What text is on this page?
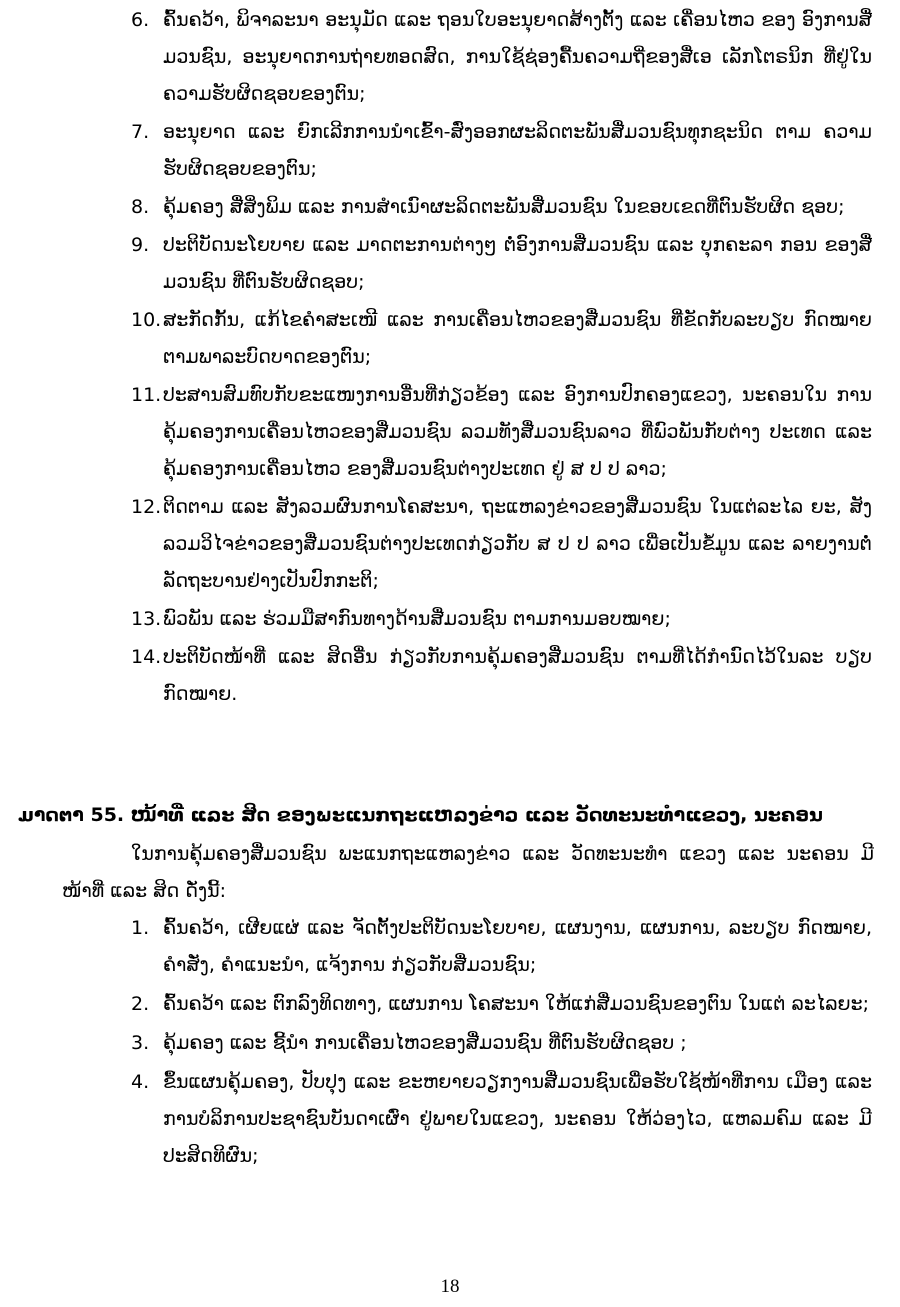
6. ຄົ້ນຄວ້າ, ພິຈາລະນາ ອະນຸມັດ ແລະ ຖອນໃບອະນຸຍາດສ້າງຕັ້ງ ແລະ ເຄື່ອນໄຫວ ຂອງ ອົງການສື່ມວນຊົນ, ອະນຸຍາດການຖ່າຍທອດສົດ, ການໃຊ້ຊ່ອງຄື້ນຄວາມຖີ່ຂອງສື່ເອ ເລັກໂຕຣນິກ ທີ່ຢູ່ໃນຄວາມຮັບຜິດຊອບຂອງຕົນ;
7. ອະນຸຍາດ ແລະ ຍົກເລີກການນຳເຂົ້າ-ສົ່ງອອກຜະລິດຕະພັນສື່ມວນຊົນທຸກຊະນິດ ຕາມ ຄວາມຮັບຜິດຊອບຂອງຕົນ;
8. ຄຸ້ມຄອງ ສື່ສິ່ງພິມ ແລະ ການສຳເນົາຜະລິດຕະພັນສື່ມວນຊົນ ໃນຂອບເຂດທີ່ຕົນຮັບຜິດ ຊອບ;
9. ປະຕິບັດນະໂຍບາຍ ແລະ ມາດຕະການຕ່າງໆ ຕໍ່ອົງການສື່ມວນຊົນ ແລະ ບຸກຄະລາ ກອນ ຂອງສື່ມວນຊົນ ທີ່ຕົນຮັບຜິດຊອບ;
10. ສະກັດກັ້ນ, ແກ້ໄຂຄຳສະເໜີ ແລະ ການເຄື່ອນໄຫວຂອງສື່ມວນຊົນ ທີ່ຂັດກັບລະບຽບ ກົດໝາຍ ຕາມພາລະບົດບາດຂອງຕົນ;
11. ປະສານສົມທົບກັບຂະແໜງການອື່ນທີ່ກ່ຽວຂ້ອງ ແລະ ອົງການປົກຄອງແຂວງ, ນະຄອນໃນ ການຄຸ້ມຄອງການເຄື່ອນໄຫວຂອງສື່ມວນຊົນ ລວມທັງສື່ມວນຊົນລາວ ທີ່ພົວພັນກັບຕ່າງ ປະເທດ ແລະ ຄຸ້ມຄອງການເຄື່ອນໄຫວ ຂອງສື່ມວນຊົນຕ່າງປະເທດ ຢູ່ ສ ປ ປ ລາວ;
12. ຕິດຕາມ ແລະ ສັງລວມຜົນການໂຄສະນາ, ຖະແຫລງຂ່າວຂອງສື່ມວນຊົນ ໃນແຕ່ລະໄລ ຍະ, ສັງລວມວິໄຈຂ່າວຂອງສື່ມວນຊົນຕ່າງປະເທດກ່ຽວກັບ ສ ປ ປ ລາວ ເພື່ອເປັນຂໍ້ມູນ ແລະ ລາຍງານຕໍ່ ລັດຖະບານຢ່າງເປັນປົກກະຕິ;
13. ພົວພັນ ແລະ ຮ່ວມມືສາກົນທາງດ້ານສື່ມວນຊົນ ຕາມການມອບໝາຍ;
14. ປະຕິບັດໜ້າທີ່ ແລະ ສິດອື່ນ ກ່ຽວກັບການຄຸ້ມຄອງສື່ມວນຊົນ ຕາມທີ່ໄດ້ກຳນົດໄວ້ໃນລະ ບຽບກົດໝາຍ.
ມາດຕາ 55. ໜ້າທີ່ ແລະ ສິດ ຂອງພະແນກຖະແຫລງຂ່າວ ແລະ ວັດທະນະທຳແຂວງ, ນະຄອນ
ໃນການຄຸ້ມຄອງສື່ມວນຊົນ ພະແນກຖະແຫລງຂ່າວ ແລະ ວັດທະນະທຳ ແຂວງ ແລະ ນະຄອນ ມີໜ້າທີ່ ແລະ ສິດ ດັ່ງນີ້:
1. ຄົ້ນຄວ້າ, ເຜີຍແຜ່ ແລະ ຈັດຕັ້ງປະຕິບັດນະໂຍບາຍ, ແຜນງານ, ແຜນການ, ລະບຽບ ກົດໝາຍ, ຄຳສັ່ງ, ຄຳແນະນຳ, ແຈ້ງການ ກ່ຽວກັບສື່ມວນຊົນ;
2. ຄົ້ນຄວ້າ ແລະ ຕົກລົງທິດທາງ, ແຜນການ ໂຄສະນາ ໃຫ້ແກ່ສື່ມວນຊົນຂອງຕົນ ໃນແຕ່ ລະໄລຍະ;
3. ຄຸ້ມຄອງ ແລະ ຊີ້ນຳ ການເຄື່ອນໄຫວຂອງສື່ມວນຊົນ ທີ່ຕົນຮັບຜິດຊອບ ;
4. ຂຶ້ນແຜນຄຸ້ມຄອງ, ປັບປຸງ ແລະ ຂະຫຍາຍວຽກງານສື່ມວນຊົນເພື່ອຮັບໃຊ້ໜ້າທີ່ການ ເມືອງ ແລະການບໍລິການປະຊາຊົນບັນດາເຜົ່າ ຢູ່ພາຍໃນແຂວງ, ນະຄອນ ໃຫ້ວ່ອງໄວ, ແຫລມຄົມ ແລະ ມີປະສິດທິຜົນ;
18
